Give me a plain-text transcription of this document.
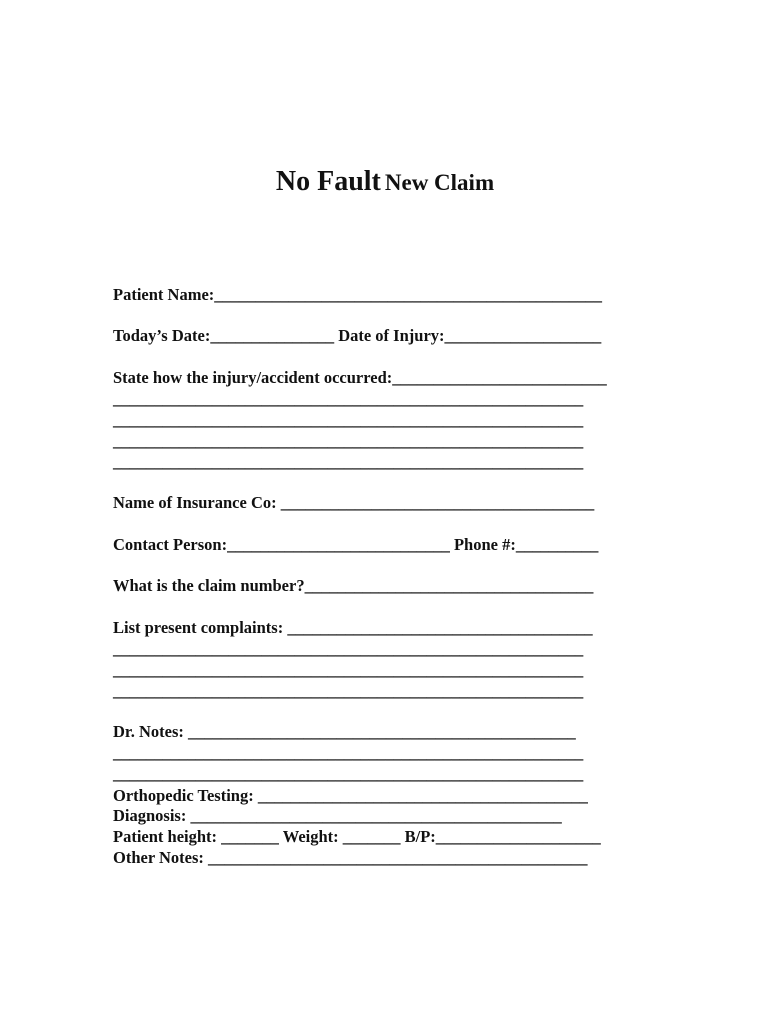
No Fault New Claim
Patient Name:_______________________________________________
Today’s Date:_______________ Date of Injury:___________________
State how the injury/accident occurred:__________________________
_________________________________________________________
_________________________________________________________
_________________________________________________________
_________________________________________________________
Name of Insurance Co: ______________________________________
Contact Person:___________________________ Phone #:__________
What is the claim number?___________________________________
List present complaints: _____________________________________
_________________________________________________________
_________________________________________________________
_________________________________________________________
Dr. Notes: _______________________________________________
_________________________________________________________
_________________________________________________________
Orthopedic Testing: ________________________________________
Diagnosis: _____________________________________________
Patient height: _______ Weight: _______ B/P:____________________
Other Notes: ______________________________________________
